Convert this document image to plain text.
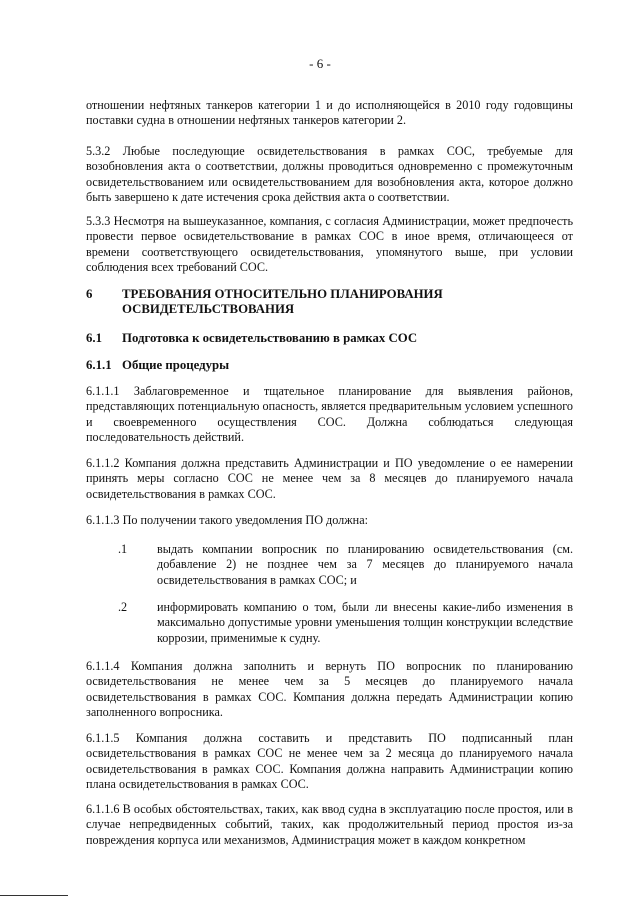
- 6 -

отношении нефтяных танкеров категории 1 и до исполняющейся в 2010 году годовщины поставки судна в отношении нефтяных танкеров категории 2.

5.3.2 Любые последующие освидетельствования в рамках СОС, требуемые для возобновления акта о соответствии, должны проводиться одновременно с промежуточным освидетельствованием или освидетельствованием для возобновления акта, которое должно быть завершено к дате истечения срока действия акта о соответствии.

5.3.3 Несмотря на вышеуказанное, компания, с согласия Администрации, может предпочесть провести первое освидетельствование в рамках СОС в иное время, отличающееся от времени соответствующего освидетельствования, упомянутого выше, при условии соблюдения всех требований СОС.

6 ТРЕБОВАНИЯ ОТНОСИТЕЛЬНО ПЛАНИРОВАНИЯ

ОСВИДЕТЕЛЬСТВОВАНИЯ

6.1 Подготовка к освидетельствованию в рамках СОС

6.1.1 Общие процедуры

6.1.1.1 Заблаговременное и тщательное планирование для выявления районов, представляющих потенциальную опасность, является предварительным условием успешного и своевременного осуществления СОС. Должна соблюдаться следующая последовательность действий.

6.1.1.2 Компания должна представить Администрации и ПО уведомление о ее намерении принять меры согласно СОС не менее чем за 8 месяцев до планируемого начала освидетельствования в рамках СОС.

6.1.1.3 По получении такого уведомления ПО должна:

.1 выдать компании вопросник по планированию освидетельствования (см. добавление 2) не позднее чем за 7 месяцев до планируемого начала освидетельствования в рамках СОС; и

.2 информировать компанию о том, были ли внесены какие-либо изменения в максимально допустимые уровни уменьшения толщин конструкции вследствие коррозии, применимые к судну.

6.1.1.4 Компания должна заполнить и вернуть ПО вопросник по планированию освидетельствования не менее чем за 5 месяцев до планируемого начала освидетельствования в рамках СОС. Компания должна передать Администрации копию заполненного вопросника.

6.1.1.5 Компания должна составить и представить ПО подписанный план освидетельствования в рамках СОС не менее чем за 2 месяца до планируемого начала освидетельствования в рамках СОС. Компания должна направить Администрации копию плана освидетельствования в рамках СОС.

6.1.1.6 В особых обстоятельствах, таких, как ввод судна в эксплуатацию после простоя, или в случае непредвиденных событий, таких, как продолжительный период простоя из-за повреждения корпуса или механизмов, Администрация может в каждом конкретном
